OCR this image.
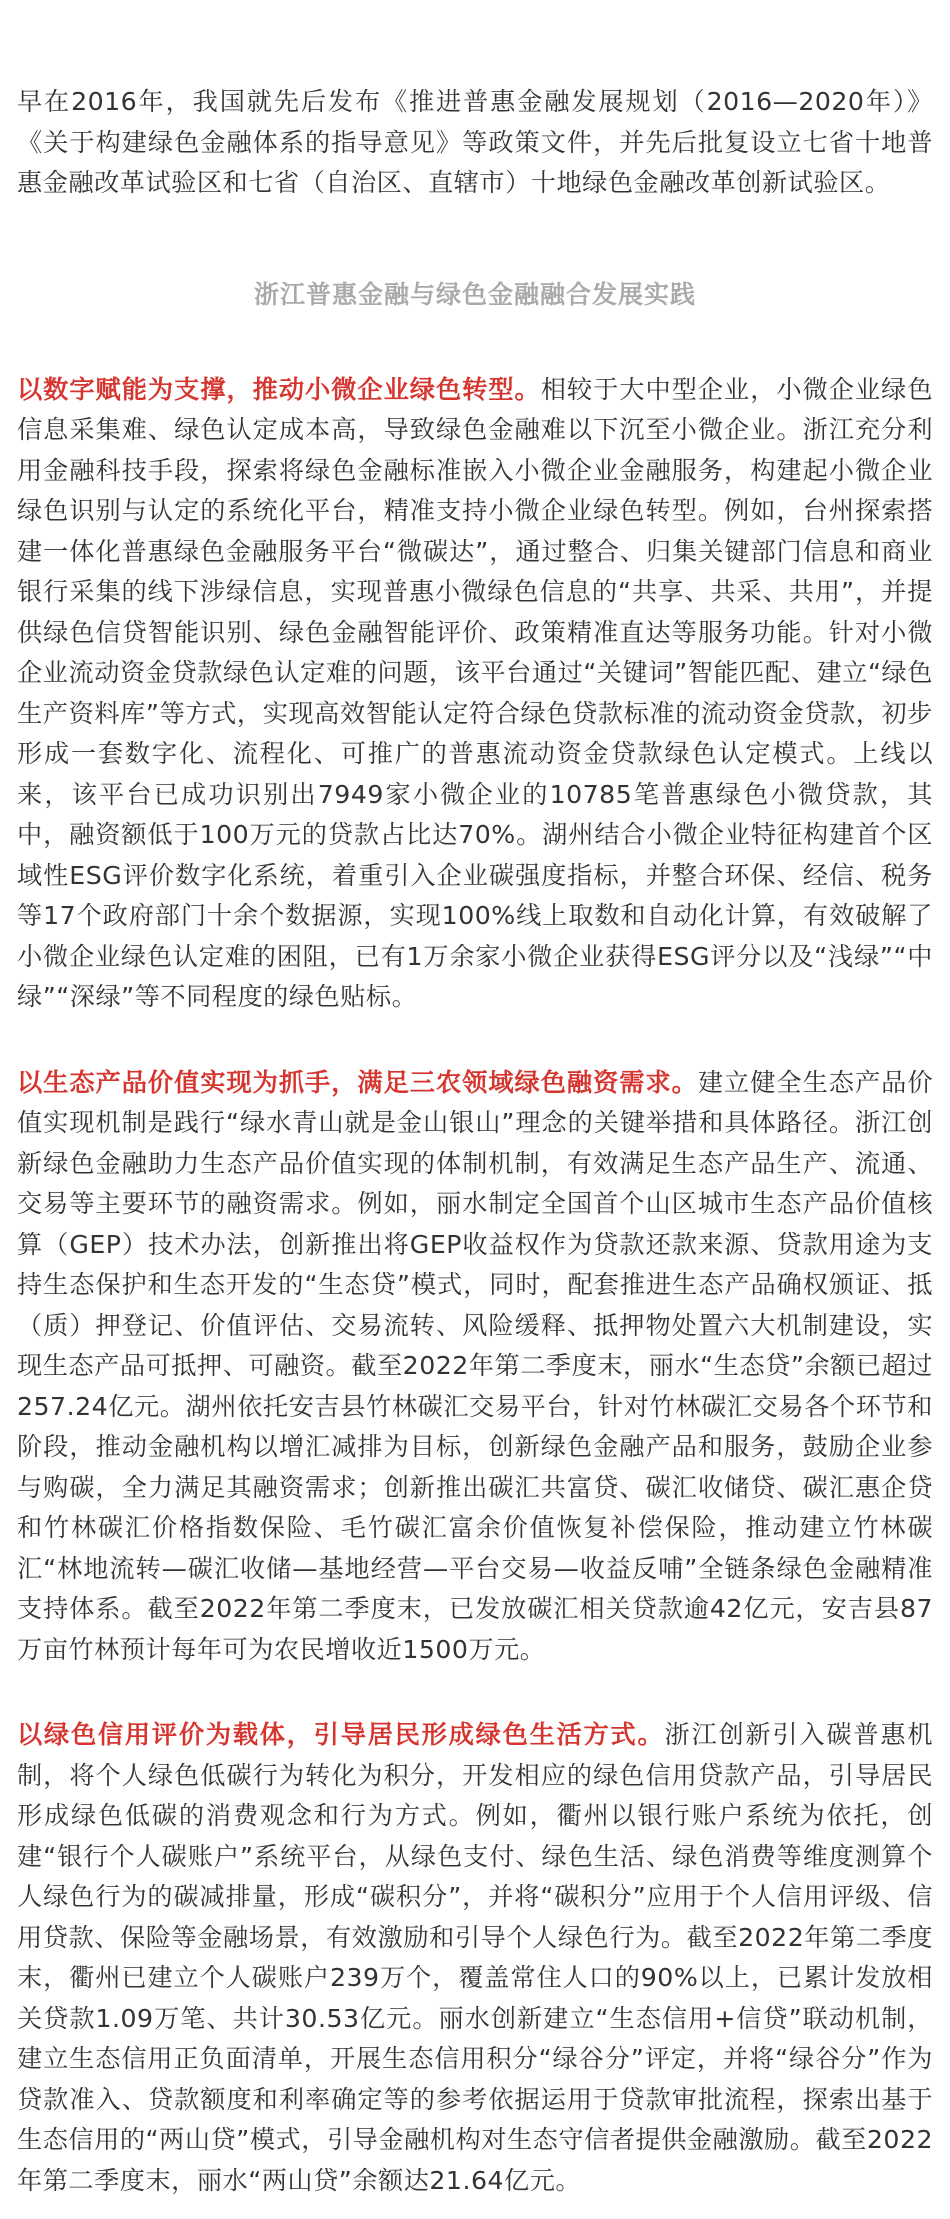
早在2016年，我国就先后发布《推进普惠金融发展规划（2016—2020年）》《关于构建绿色金融体系的指导意见》等政策文件，并先后批复设立七省十地普惠金融改革试验区和七省（自治区、直辖市）十地绿色金融改革创新试验区。

浙江普惠金融与绿色金融融合发展实践

以数字赋能为支撑，推动小微企业绿色转型。相较于大中型企业，小微企业绿色信息采集难、绿色认定成本高，导致绿色金融难以下沉至小微企业。浙江充分利用金融科技手段，探索将绿色金融标准嵌入小微企业金融服务，构建起小微企业绿色识别与认定的系统化平台，精准支持小微企业绿色转型。例如，台州探索搭建一体化普惠绿色金融服务平台“微碳达”，通过整合、归集关键部门信息和商业银行采集的线下涉绿信息，实现普惠小微绿色信息的“共享、共采、共用”，并提供绿色信贷智能识别、绿色金融智能评价、政策精准直达等服务功能。针对小微企业流动资金贷款绿色认定难的问题，该平台通过“关键词”智能匹配、建立“绿色生产资料库”等方式，实现高效智能认定符合绿色贷款标准的流动资金贷款，初步形成一套数字化、流程化、可推广的普惠流动资金贷款绿色认定模式。上线以来，该平台已成功识别出7949家小微企业的10785笔普惠绿色小微贷款，其中，融资额低于100万元的贷款占比达70%。湖州结合小微企业特征构建首个区域性ESG评价数字化系统，着重引入企业碳强度指标，并整合环保、经信、税务等17个政府部门十余个数据源，实现100%线上取数和自动化计算，有效破解了小微企业绿色认定难的困阻，已有1万余家小微企业获得ESG评分以及“浅绿”“中绿”“深绿”等不同程度的绿色贴标。

以生态产品价值实现为抓手，满足三农领域绿色融资需求。建立健全生态产品价值实现机制是践行“绿水青山就是金山银山”理念的关键举措和具体路径。浙江创新绿色金融助力生态产品价值实现的体制机制，有效满足生态产品生产、流通、交易等主要环节的融资需求。例如，丽水制定全国首个山区城市生态产品价值核算（GEP）技术办法，创新推出将GEP收益权作为贷款还款来源、贷款用途为支持生态保护和生态开发的“生态贷”模式，同时，配套推进生态产品确权颁证、抵（质）押登记、价值评估、交易流转、风险缓释、抵押物处置六大机制建设，实现生态产品可抵押、可融资。截至2022年第二季度末，丽水“生态贷”余额已超过257.24亿元。湖州依托安吉县竹林碳汇交易平台，针对竹林碳汇交易各个环节和阶段，推动金融机构以增汇减排为目标，创新绿色金融产品和服务，鼓励企业参与购碳，全力满足其融资需求；创新推出碳汇共富贷、碳汇收储贷、碳汇惠企贷和竹林碳汇价格指数保险、毛竹碳汇富余价值恢复补偿保险，推动建立竹林碳汇“林地流转—碳汇收储—基地经营—平台交易—收益反哺”全链条绿色金融精准支持体系。截至2022年第二季度末，已发放碳汇相关贷款逾42亿元，安吉县87万亩竹林预计每年可为农民增收近1500万元。

以绿色信用评价为载体，引导居民形成绿色生活方式。浙江创新引入碳普惠机制，将个人绿色低碳行为转化为积分，开发相应的绿色信用贷款产品，引导居民形成绿色低碳的消费观念和行为方式。例如，衢州以银行账户系统为依托，创建“银行个人碳账户”系统平台，从绿色支付、绿色生活、绿色消费等维度测算个人绿色行为的碳减排量，形成“碳积分”，并将“碳积分”应用于个人信用评级、信用贷款、保险等金融场景，有效激励和引导个人绿色行为。截至2022年第二季度末，衢州已建立个人碳账户239万个，覆盖常住人口的90%以上，已累计发放相关贷款1.09万笔、共计30.53亿元。丽水创新建立“生态信用+信贷”联动机制，建立生态信用正负面清单，开展生态信用积分“绿谷分”评定，并将“绿谷分”作为贷款准入、贷款额度和利率确定等的参考依据运用于贷款审批流程，探索出基于生态信用的“两山贷”模式，引导金融机构对生态守信者提供金融激励。截至2022年第二季度末，丽水“两山贷”余额达21.64亿元。
